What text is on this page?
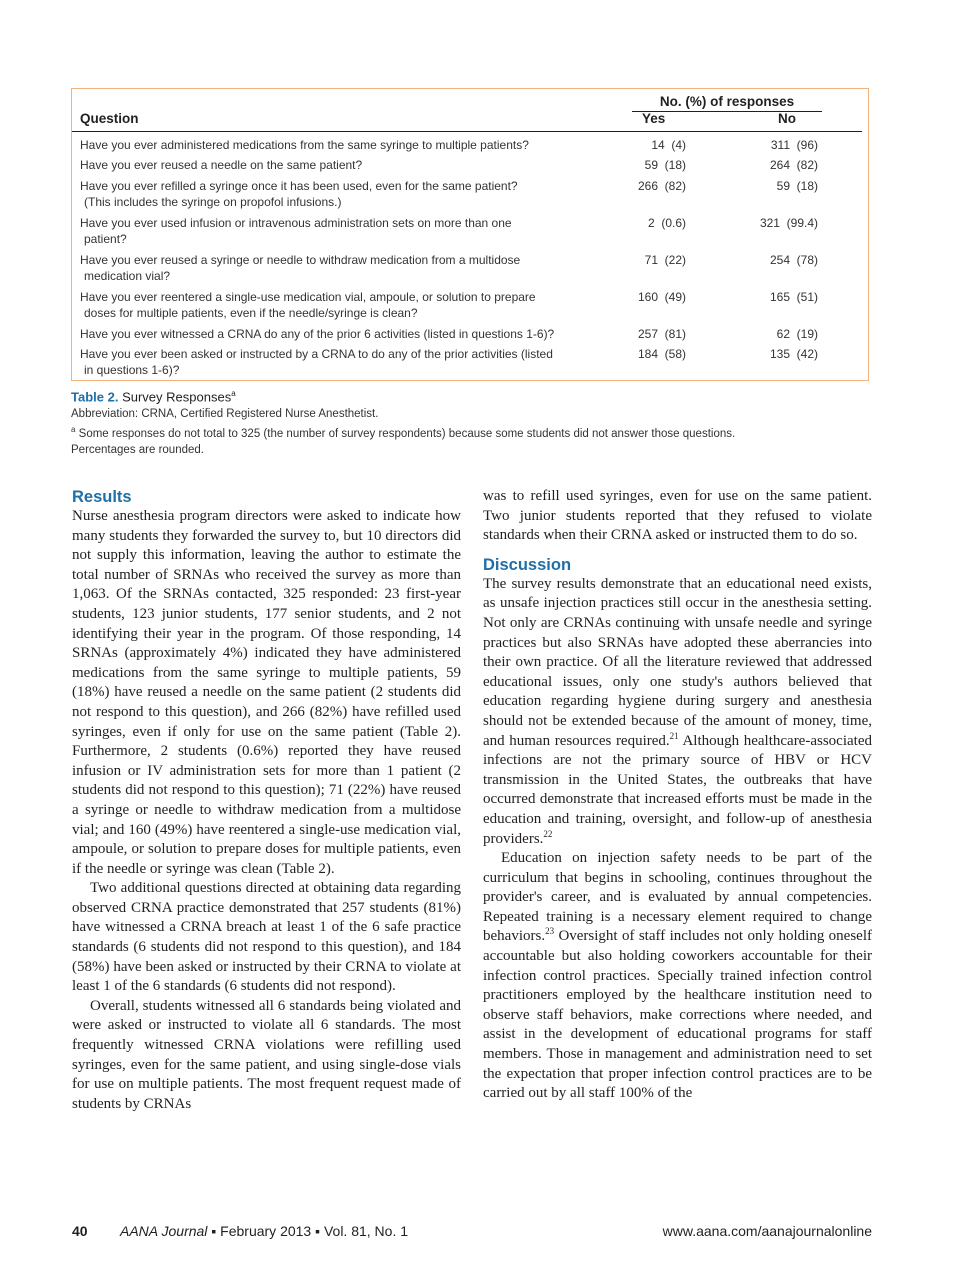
No. (%) of responses
Question	Yes	No
Have you ever administered medications from the same syringe to multiple patients?	14  (4)	311  (96)
Have you ever reused a needle on the same patient?	59  (18)	264  (82)
Have you ever refilled a syringe once it has been used, even for the same patient?
(This includes the syringe on propofol infusions.)
266  (82)	59  (18)
Have you ever used infusion or intravenous administration sets on more than one
patient?
2  (0.6)	321  (99.4)
Have you ever reused a syringe or needle to withdraw medication from a multidose
medication vial?
71  (22)	254  (78)
Have you ever reentered a single-use medication vial, ampoule, or solution to prepare
doses for multiple patients, even if the needle/syringe is clean?
160  (49)	165  (51)
Have you ever witnessed a CRNA do any of the prior 6 activities (listed in questions 1-6)?	257  (81)	62  (19)
Have you ever been asked or instructed by a CRNA to do any of the prior activities (listed
in questions 1-6)?
184  (58)	135  (42)
Table 2. Survey Responses$^a$
Abbreviation: CRNA, Certified Registered Nurse Anesthetist.
$^a$ Some responses do not total to 325 (the number of survey respondents) because some students did not answer those questions.
Percentages are rounded.
Results

Nurse anesthesia program directors were asked to indicate how many students they forwarded the survey to, but 10 directors did not supply this information, leaving the author to estimate the total number of SRNAs who received the survey as more than 1,063. Of the SRNAs contacted, 325 responded: 23 first-year students, 123 junior students, 177 senior students, and 2 not identifying their year in the program. Of those responding, 14 SRNAs (approximately 4%) indicated they have administered medications from the same syringe to multiple patients, 59 (18%) have reused a needle on the same patient (2 students did not respond to this question), and 266 (82%) have refilled used syringes, even if only for use on the same patient (Table 2). Furthermore, 2 students (0.6%) reported they have reused infusion or IV administration sets for more than 1 patient (2 students did not respond to this question); 71 (22%) have reused a syringe or needle to withdraw medication from a multidose vial; and 160 (49%) have reentered a single-use medication vial, ampoule, or solution to prepare doses for multiple patients, even if the needle or syringe was clean (Table 2).

Two additional questions directed at obtaining data regarding observed CRNA practice demonstrated that 257 students (81%) have witnessed a CRNA breach at least 1 of the 6 safe practice standards (6 students did not respond to this question), and 184 (58%) have been asked or instructed by their CRNA to violate at least 1 of the 6 standards (6 students did not respond).

Overall, students witnessed all 6 standards being violated and were asked or instructed to violate all 6 standards. The most frequently witnessed CRNA violations were refilling used syringes, even for the same patient, and using single-dose vials for use on multiple patients. The most frequent request made of students by CRNAs

was to refill used syringes, even for use on the same patient. Two junior students reported that they refused to violate standards when their CRNA asked or instructed them to do so.

Discussion

The survey results demonstrate that an educational need exists, as unsafe injection practices still occur in the anesthesia setting. Not only are CRNAs continuing with unsafe needle and syringe practices but also SRNAs have adopted these aberrancies into their own practice. Of all the literature reviewed that addressed educational issues, only one study's authors believed that education regarding hygiene during surgery and anesthesia should not be extended because of the amount of money, time, and human resources required.$^{21}$ Although healthcare-associated infections are not the primary source of HBV or HCV transmission in the United States, the outbreaks that have occurred demonstrate that increased efforts must be made in the education and training, oversight, and follow-up of anesthesia providers.$^{22}$

Education on injection safety needs to be part of the curriculum that begins in schooling, continues throughout the provider's career, and is evaluated by annual competencies. Repeated training is a necessary element required to change behaviors.$^{23}$ Oversight of staff includes not only holding oneself accountable but also holding coworkers accountable for their infection control practices. Specially trained infection control practitioners employed by the healthcare institution need to observe staff behaviors, make corrections where needed, and assist in the development of educational programs for staff members. Those in management and administration need to set the expectation that proper infection control practices are to be carried out by all staff 100% of the

40 AANA Journal ▪ February 2013 ▪ Vol. 81, No. 1	www.aana.com/aanajournalonline
